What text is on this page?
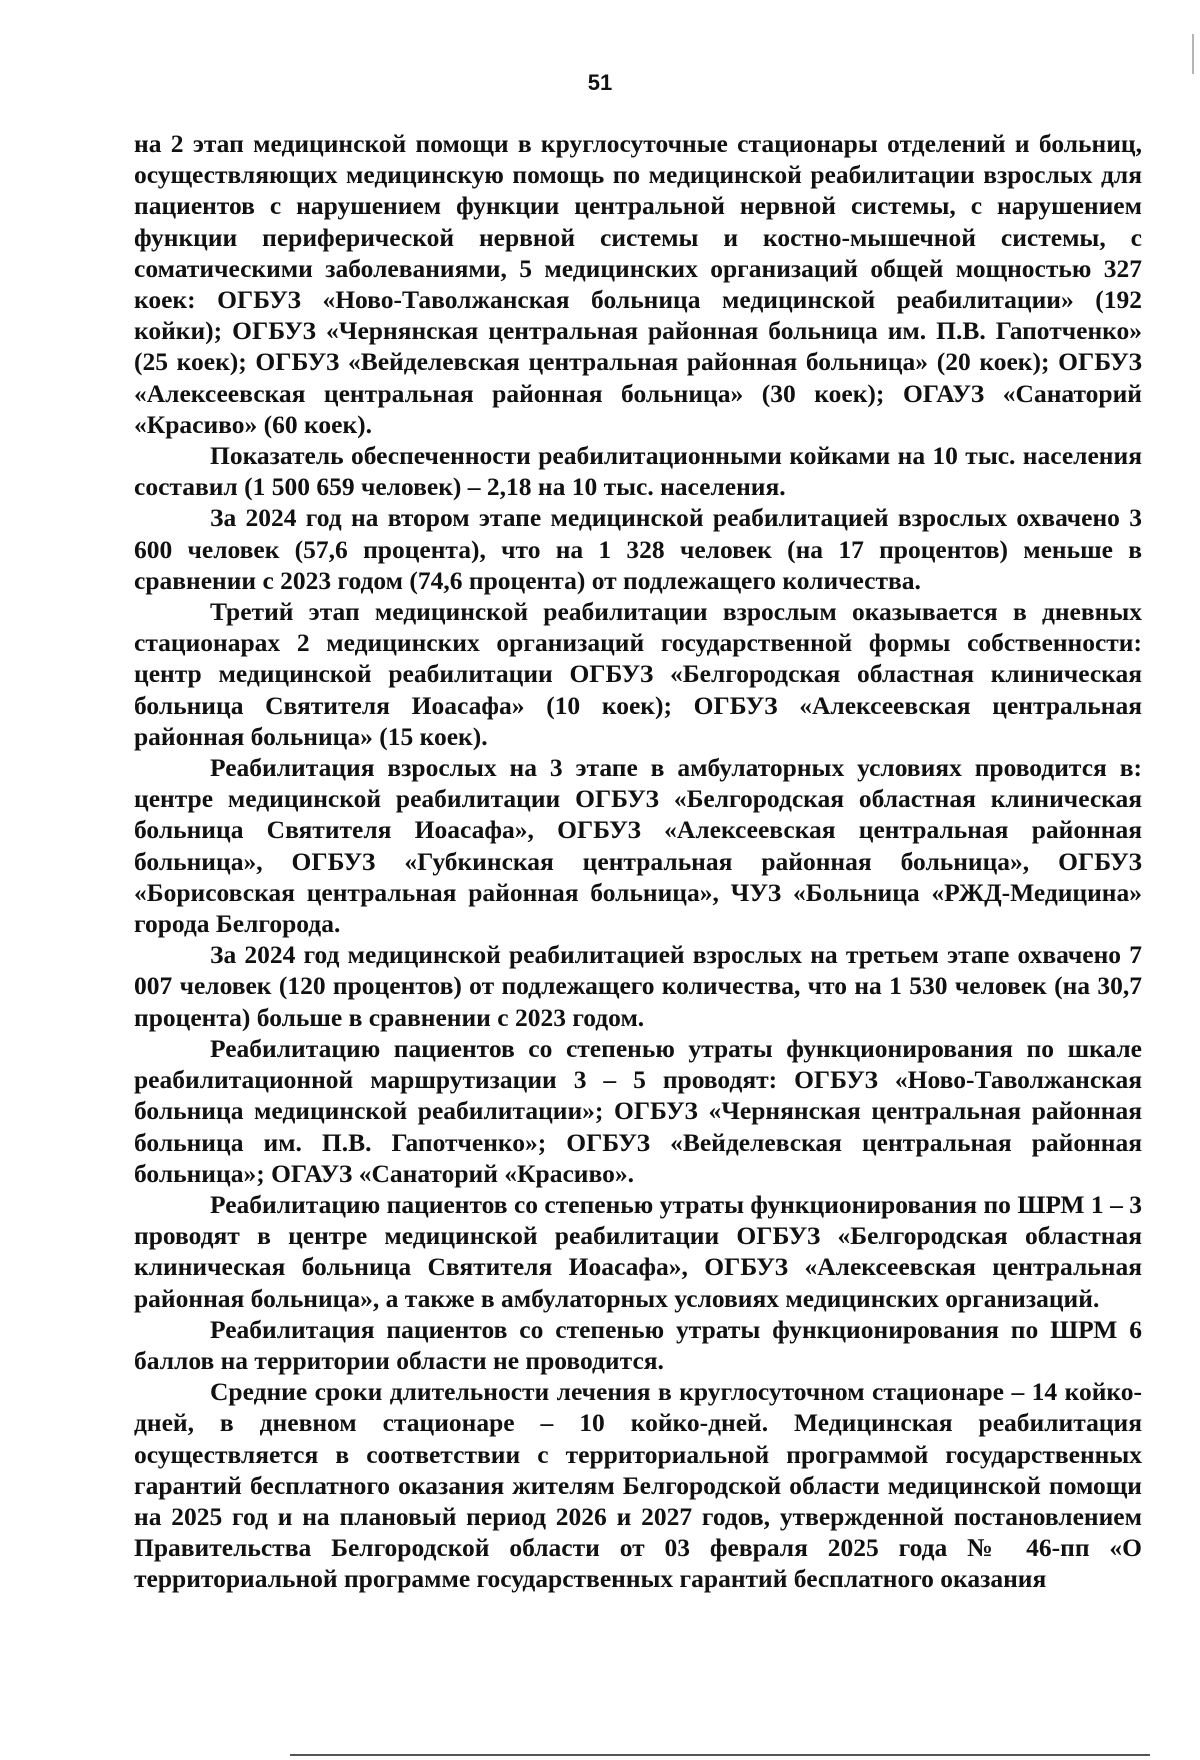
51

на 2 этап медицинской помощи в круглосуточные стационары отделений и больниц, осуществляющих медицинскую помощь по медицинской реабилитации взрослых для пациентов с нарушением функции центральной нервной системы, с нарушением функции периферической нервной системы и костно-мышечной системы, с соматическими заболеваниями, 5 медицинских организаций общей мощностью 327 коек: ОГБУЗ «Ново-Таволжанская больница медицинской реабилитации» (192 койки); ОГБУЗ «Чернянская центральная районная больница им. П.В. Гапотченко» (25 коек); ОГБУЗ «Вейделевская центральная районная больница» (20 коек); ОГБУЗ «Алексеевская центральная районная больница» (30 коек); ОГАУЗ «Санаторий «Красиво» (60 коек).

Показатель обеспеченности реабилитационными койками на 10 тыс. населения составил (1 500 659 человек) – 2,18 на 10 тыс. населения.

За 2024 год на втором этапе медицинской реабилитацией взрослых охвачено 3 600 человек (57,6 процента), что на 1 328 человек (на 17 процентов) меньше в сравнении с 2023 годом (74,6 процента) от подлежащего количества.

Третий этап медицинской реабилитации взрослым оказывается в дневных стационарах 2 медицинских организаций государственной формы собственности: центр медицинской реабилитации ОГБУЗ «Белгородская областная клиническая больница Святителя Иоасафа» (10 коек); ОГБУЗ «Алексеевская центральная районная больница» (15 коек).

Реабилитация взрослых на 3 этапе в амбулаторных условиях проводится в: центре медицинской реабилитации ОГБУЗ «Белгородская областная клиническая больница Святителя Иоасафа», ОГБУЗ «Алексеевская центральная районная больница», ОГБУЗ «Губкинская центральная районная больница», ОГБУЗ «Борисовская центральная районная больница», ЧУЗ «Больница «РЖД-Медицина» города Белгорода.

За 2024 год медицинской реабилитацией взрослых на третьем этапе охвачено 7 007 человек (120 процентов) от подлежащего количества, что на 1 530 человек (на 30,7 процента) больше в сравнении с 2023 годом.

Реабилитацию пациентов со степенью утраты функционирования по шкале реабилитационной маршрутизации 3 – 5 проводят: ОГБУЗ «Ново-Таволжанская больница медицинской реабилитации»; ОГБУЗ «Чернянская центральная районная больница им. П.В. Гапотченко»; ОГБУЗ «Вейделевская центральная районная больница»; ОГАУЗ «Санаторий «Красиво».

Реабилитацию пациентов со степенью утраты функционирования по ШРМ 1 – 3 проводят в центре медицинской реабилитации ОГБУЗ «Белгородская областная клиническая больница Святителя Иоасафа», ОГБУЗ «Алексеевская центральная районная больница», а также в амбулаторных условиях медицинских организаций.

Реабилитация пациентов со степенью утраты функционирования по ШРМ 6 баллов на территории области не проводится.

Средние сроки длительности лечения в круглосуточном стационаре – 14 койко-дней, в дневном стационаре – 10 койко-дней. Медицинская реабилитация осуществляется в соответствии с территориальной программой государственных гарантий бесплатного оказания жителям Белгородской области медицинской помощи на 2025 год и на плановый период 2026 и 2027 годов, утвержденной постановлением Правительства Белгородской области от 03 февраля 2025 года № 46-пп «О территориальной программе государственных гарантий бесплатного оказания
